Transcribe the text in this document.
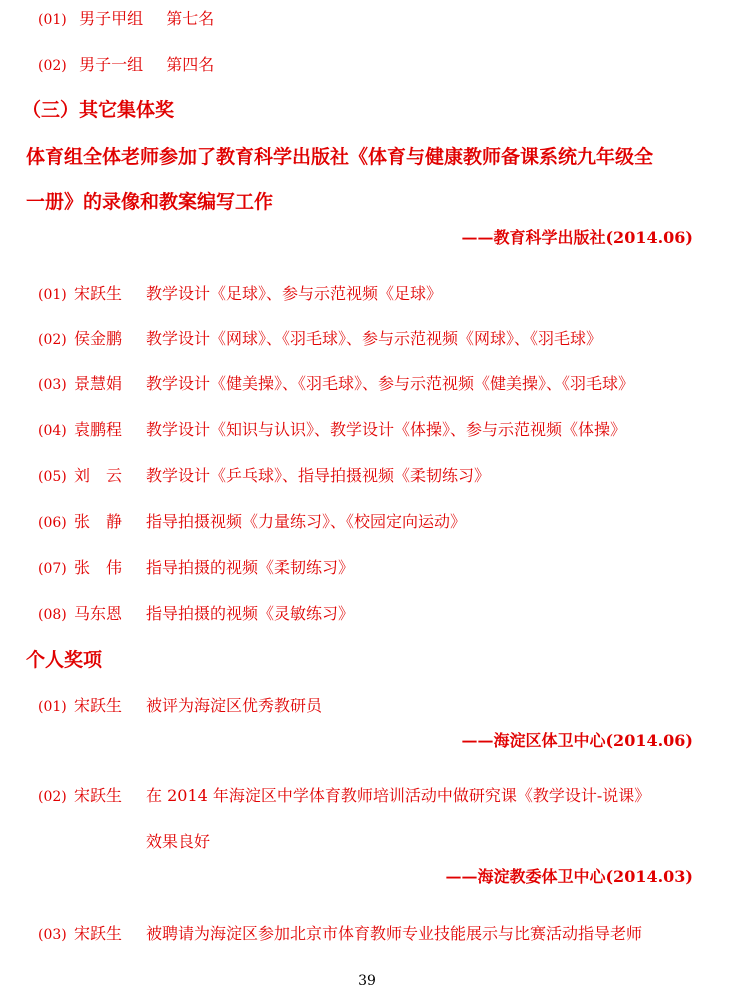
(01) 男子甲组 第七名
(02) 男子一组 第四名
（三）其它集体奖
体育组全体老师参加了教育科学出版社《体育与健康教师备课系统九年级全
一册》的录像和教案编写工作
——教育科学出版社(2014.06)
(01) 宋跃生 教学设计《足球》、参与示范视频《足球》
(02) 侯金鹏 教学设计《网球》、《羽毛球》、参与示范视频《网球》、《羽毛球》
(03) 景慧娟 教学设计《健美操》、《羽毛球》、参与示范视频《健美操》、《羽毛球》
(04) 袁鹏程 教学设计《知识与认识》、教学设计《体操》、参与示范视频《体操》
(05) 刘　云 教学设计《乒乓球》、指导拍摄视频《柔韧练习》
(06) 张　静 指导拍摄视频《力量练习》、《校园定向运动》
(07) 张　伟 指导拍摄的视频《柔韧练习》
(08) 马东恩 指导拍摄的视频《灵敏练习》
个人奖项
(01) 宋跃生 被评为海淀区优秀教研员
——海淀区体卫中心(2014.06)
(02) 宋跃生 在 2014 年海淀区中学体育教师培训活动中做研究课《教学设计-说课》
效果良好
——海淀教委体卫中心(2014.03)
(03) 宋跃生 被聘请为海淀区参加北京市体育教师专业技能展示与比赛活动指导老师
39
